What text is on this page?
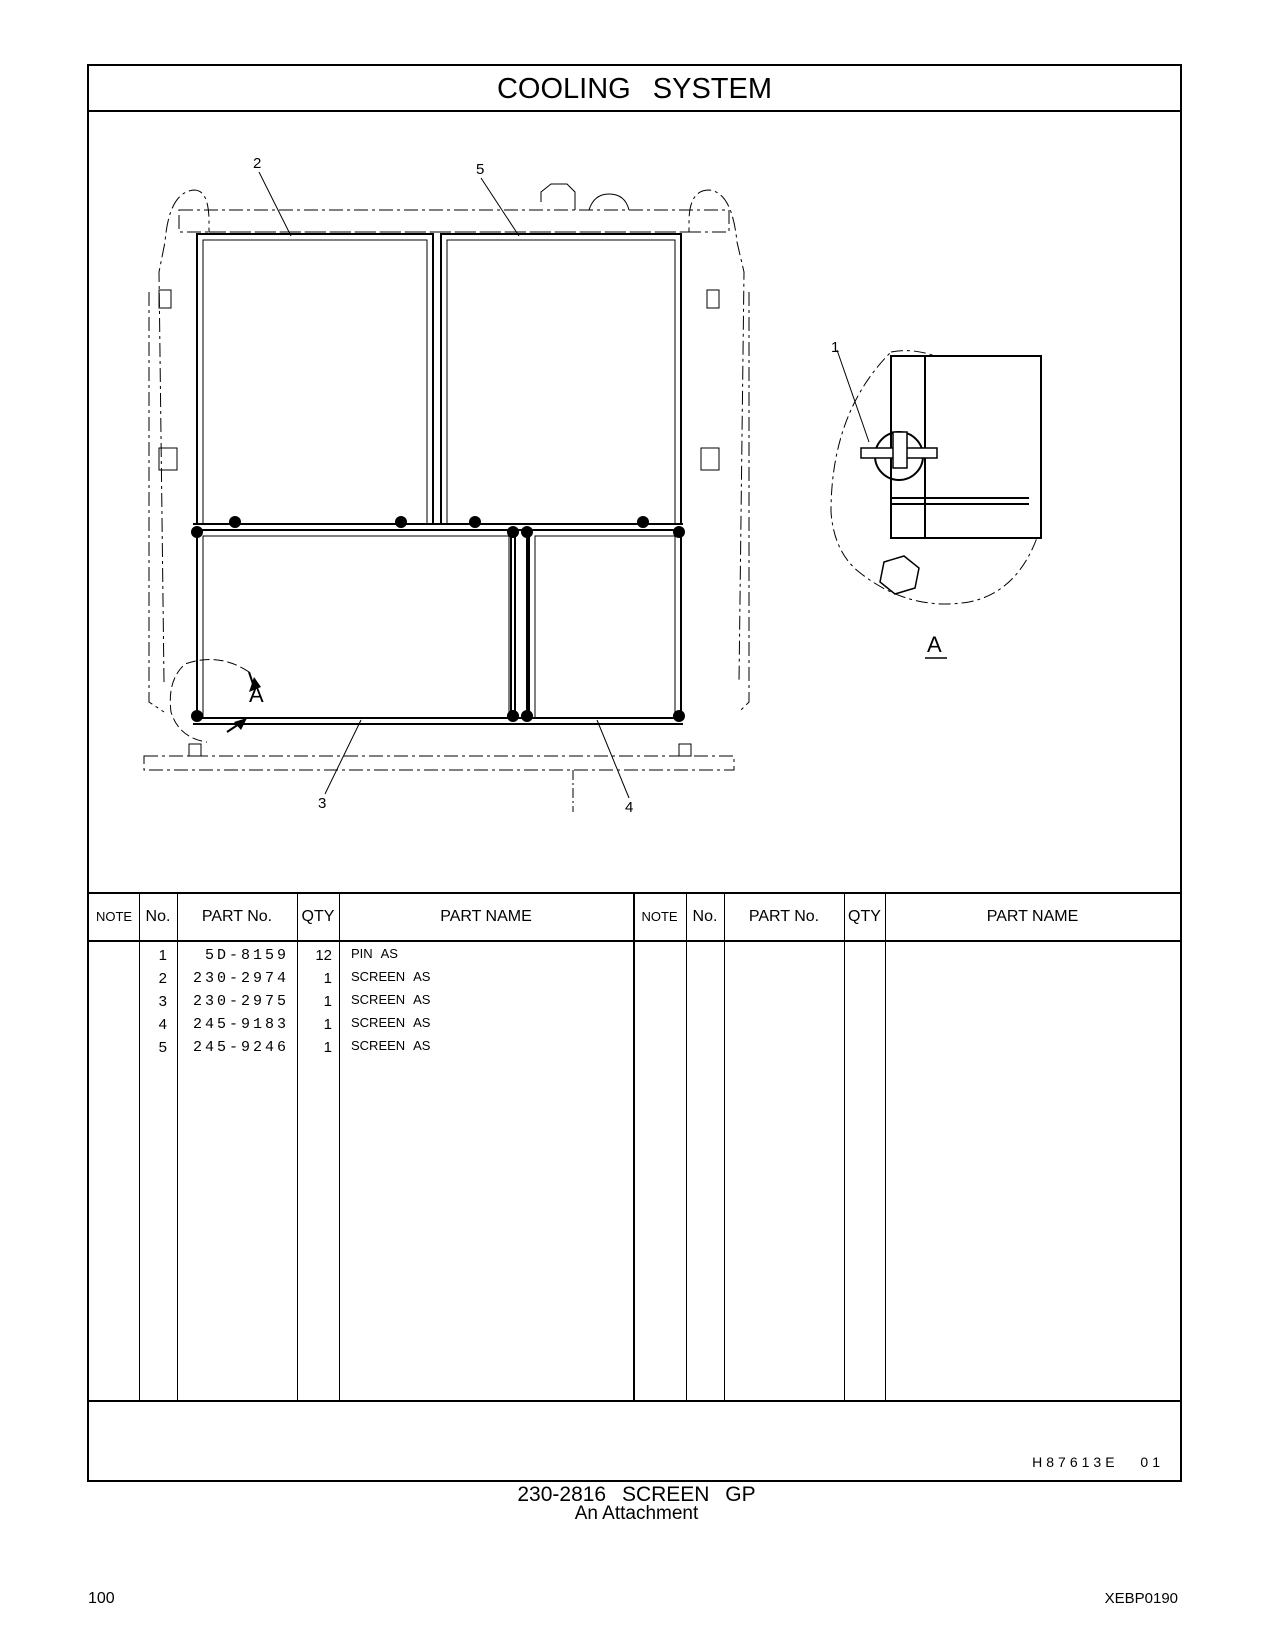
COOLING SYSTEM
2	5
3	4
1
A
A
NOTE No.	PART No.	QTY	PART NAME	NOTE No.	PART No.	QTY	PART NAME
1	5D-8159	12 PIN AS
2	230-2974	1 SCREEN AS
3	230-2975	1 SCREEN AS
4	245-9183	1 SCREEN AS
5	245-9246	1 SCREEN AS
H87613E 01
230-2816 SCREEN GP
An Attachment
100	XEBP0190
